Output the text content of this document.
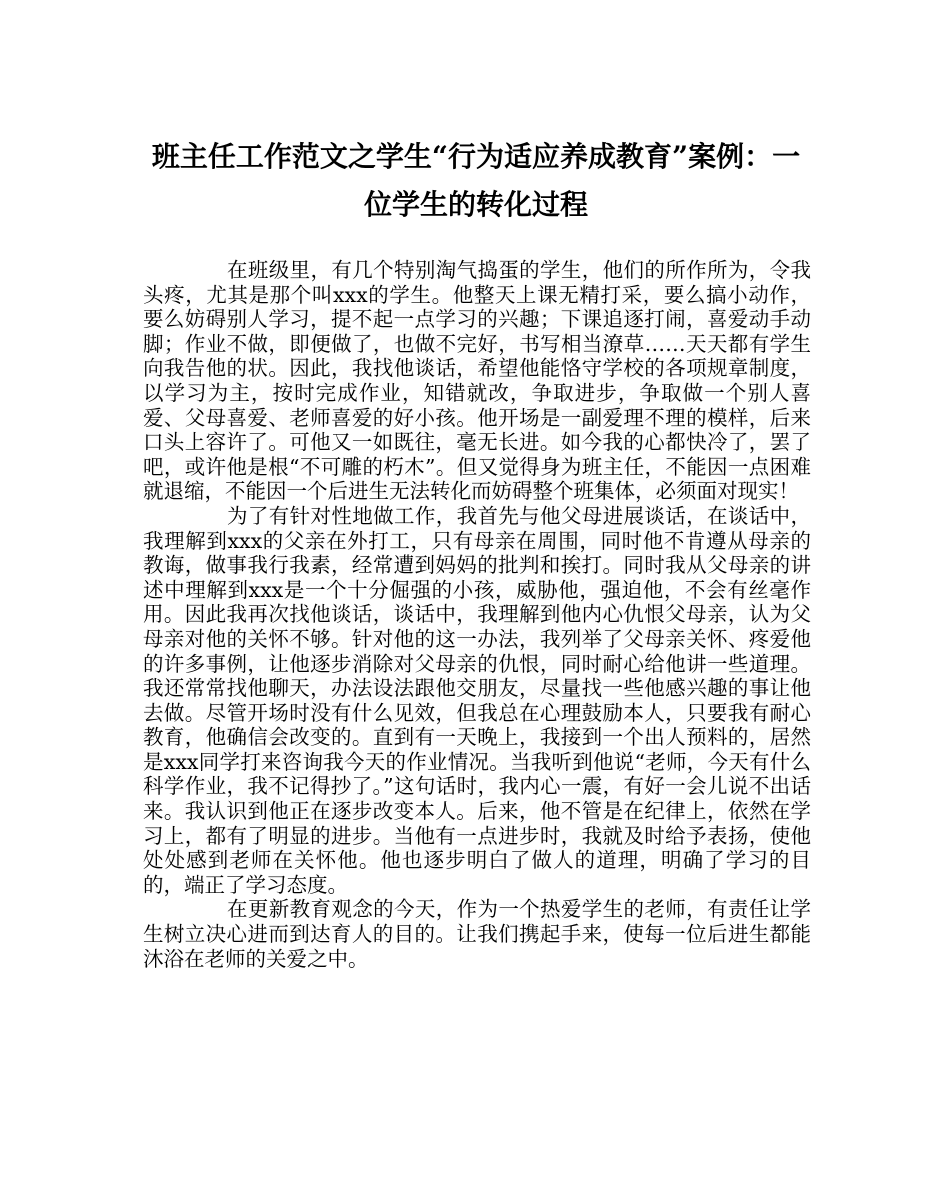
班主任工作范文之学生“行为适应养成教育”案例：一位学生的转化过程

在班级里，有几个特别淘气捣蛋的学生，他们的所作所为，令我头疼，尤其是那个叫xxx的学生。他整天上课无精打采，要么搞小动作，要么妨碍别人学习，提不起一点学习的兴趣；下课追逐打闹，喜爱动手动脚；作业不做，即便做了，也做不完好，书写相当潦草……天天都有学生向我告他的状。因此，我找他谈话，希望他能恪守学校的各项规章制度，以学习为主，按时完成作业，知错就改，争取进步，争取做一个别人喜爱、父母喜爱、老师喜爱的好小孩。他开场是一副爱理不理的模样，后来口头上容许了。可他又一如既往，毫无长进。如今我的心都快冷了，罢了吧，或许他是根“不可雕的朽木”。但又觉得身为班主任，不能因一点困难就退缩，不能因一个后进生无法转化而妨碍整个班集体，必须面对现实！

为了有针对性地做工作，我首先与他父母进展谈话，在谈话中，我理解到xxx的父亲在外打工，只有母亲在周围，同时他不肯遵从母亲的教诲，做事我行我素，经常遭到妈妈的批判和挨打。同时我从父母亲的讲述中理解到xxx是一个十分倔强的小孩，威胁他，强迫他，不会有丝毫作用。因此我再次找他谈话，谈话中，我理解到他内心仇恨父母亲，认为父母亲对他的关怀不够。针对他的这一办法，我列举了父母亲关怀、疼爱他的许多事例，让他逐步消除对父母亲的仇恨，同时耐心给他讲一些道理。我还常常找他聊天，办法设法跟他交朋友，尽量找一些他感兴趣的事让他去做。尽管开场时没有什么见效，但我总在心理鼓励本人，只要我有耐心教育，他确信会改变的。直到有一天晚上，我接到一个出人预料的，居然是xxx同学打来咨询我今天的作业情况。当我听到他说“老师，今天有什么科学作业，我不记得抄了。”这句话时，我内心一震，有好一会儿说不出话来。我认识到他正在逐步改变本人。后来，他不管是在纪律上，依然在学习上，都有了明显的进步。当他有一点进步时，我就及时给予表扬，使他处处感到老师在关怀他。他也逐步明白了做人的道理，明确了学习的目的，端正了学习态度。

在更新教育观念的今天，作为一个热爱学生的老师，有责任让学生树立决心进而到达育人的目的。让我们携起手来，使每一位后进生都能沐浴在老师的关爱之中。
